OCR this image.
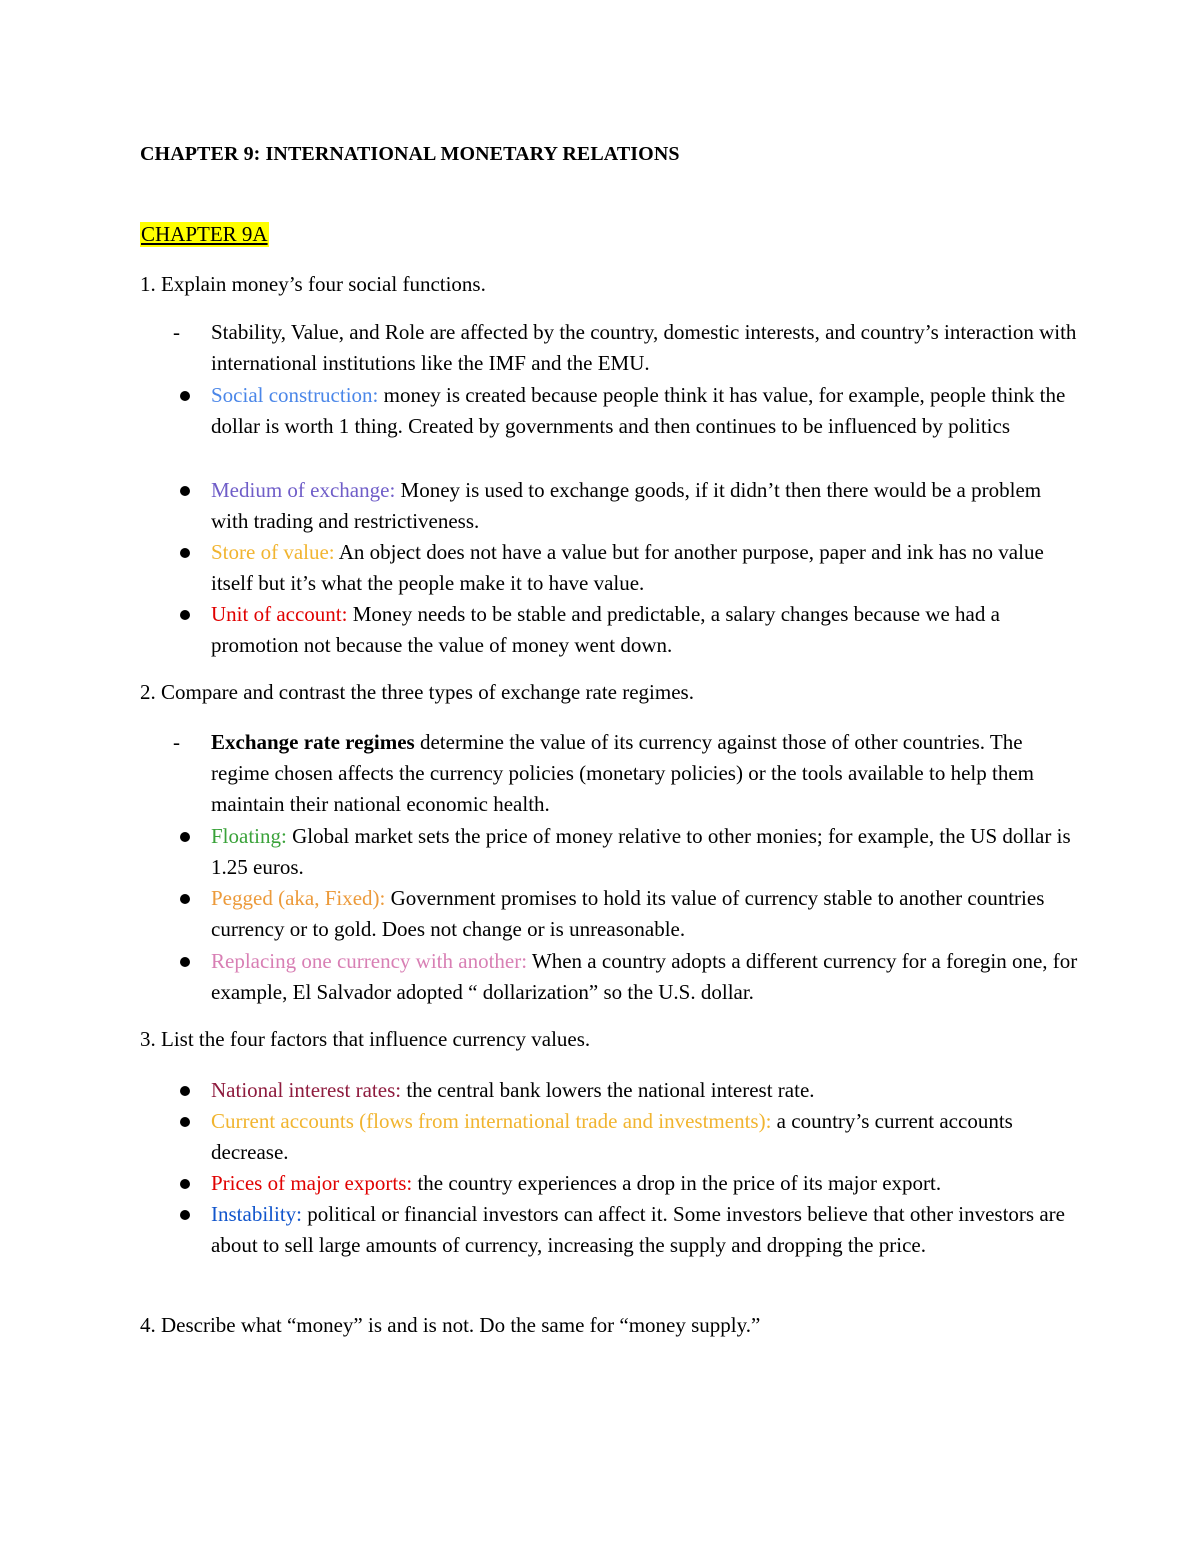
CHAPTER 9: INTERNATIONAL MONETARY RELATIONS
CHAPTER 9A
1. Explain money’s four social functions.
- Stability, Value, and Role are affected by the country, domestic interests, and country’s interaction with international institutions like the IMF and the EMU.
Social construction: money is created because people think it has value, for example, people think the dollar is worth 1 thing. Created by governments and then continues to be influenced by politics
Medium of exchange: Money is used to exchange goods, if it didn’t then there would be a problem with trading and restrictiveness.
Store of value: An object does not have a value but for another purpose, paper and ink has no value itself but it’s what the people make it to have value.
Unit of account: Money needs to be stable and predictable, a salary changes because we had a promotion not because the value of money went down.
2. Compare and contrast the three types of exchange rate regimes.
- Exchange rate regimes determine the value of its currency against those of other countries. The regime chosen affects the currency policies (monetary policies) or the tools available to help them maintain their national economic health.
Floating: Global market sets the price of money relative to other monies; for example, the US dollar is 1.25 euros.
Pegged (aka, Fixed): Government promises to hold its value of currency stable to another countries currency or to gold. Does not change or is unreasonable.
Replacing one currency with another: When a country adopts a different currency for a foregin one, for example, El Salvador adopted “ dollarization” so the U.S. dollar.
3. List the four factors that influence currency values.
National interest rates: the central bank lowers the national interest rate.
Current accounts (flows from international trade and investments): a country’s current accounts decrease.
Prices of major exports: the country experiences a drop in the price of its major export.
Instability: political or financial investors can affect it. Some investors believe that other investors are about to sell large amounts of currency, increasing the supply and dropping the price.
4. Describe what “money” is and is not. Do the same for “money supply.”
